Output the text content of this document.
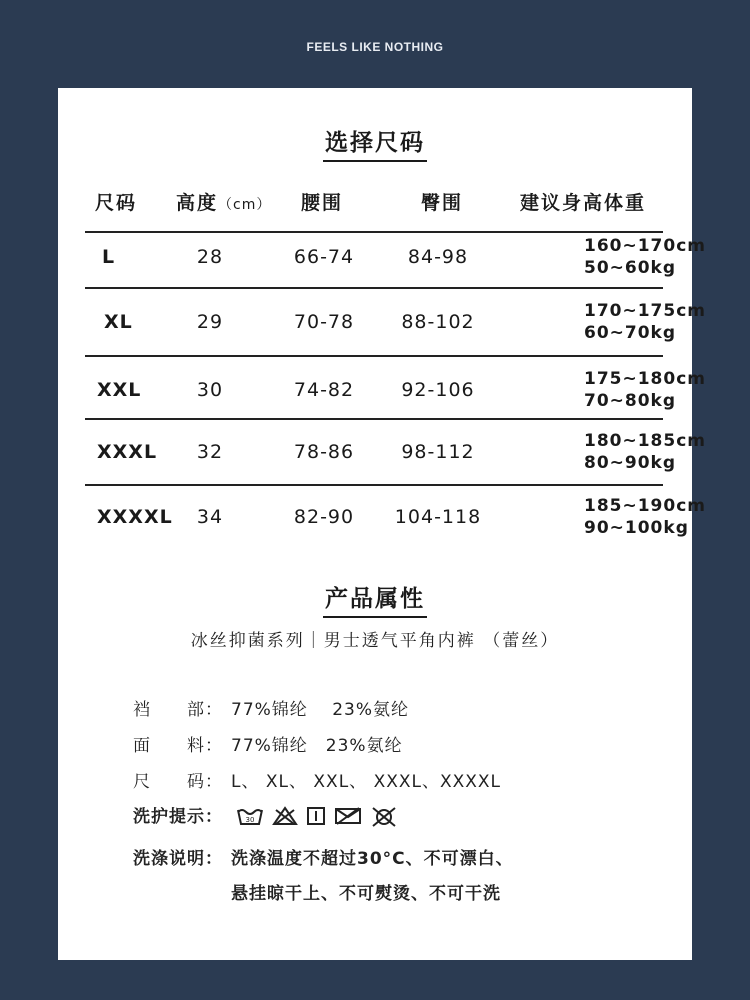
FEELS LIKE NOTHING
选择尺码
尺码 高度（cm） 腰围	臀围	建议身高体重
L	28	66-74	84-98	160~170cm
50~60kg
XL	29	70-78 88-102	170~175cm
60~70kg
XXL	30	74-82 92-106	175~180cm
70~80kg
XXXL 32	78-86 98-112	180~185cm
80~90kg
XXXXL 34	82-90 104-118	185~190cm
90~100kg
产品属性
冰丝抑菌系列｜男士透气平角内裤 （蕾丝）
裆　　部： 77%锦纶　 23%氨纶
面　　料： 77%锦纶　23%氨纶
尺　　码： L、 XL、 XXL、 XXXL、XXXXL
洗护提示：	30
洗涤说明： 洗涤温度不超过30°C、不可漂白、
悬挂晾干上、不可熨烫、不可干洗
